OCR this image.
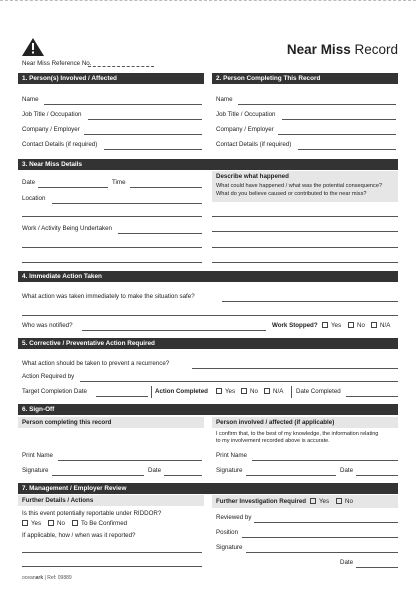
Near Miss Record
Near Miss Reference No.
1. Person(s) Involved / Affected
Name
Job Title / Occupation
Company / Employer
Contact Details (if required)
2. Person Completing This Record
Name
Job Title / Occupation
Company / Employer
Contact Details (if required)
3. Near Miss Details
Date	Time
Location
Work / Activity Being Undertaken
Describe what happened
What could have happened / what was the potential consequence?
What do you believe caused or contributed to the near miss?
4. Immediate Action Taken
What action was taken immediately to make the situation safe?
Who was notified?	Work Stopped?	Yes	No	N/A
5. Corrective / Preventative Action Required
What action should be taken to prevent a recurrence?
Action Required by
Target Completion Date	Action Completed	Yes	No	N/A Date Completed
6. Sign-Off
Person completing this record	Person involved / affected (if applicable)
I confirm that, to the best of my knowledge, the information relating
to my involvement recorded above is accurate.
Print Name
Signature	Date
Print Name
Signature	Date
7. Management / Employer Review
Further Details / Actions
Is this event potentially reportable under RIDDOR?
Yes	No	To Be Confirmed
If applicable, how / when was it reported?
Further Investigation Required	Yes	No
Reviewed by
Position
Signature
Date
oceanark | Ref: 09889
